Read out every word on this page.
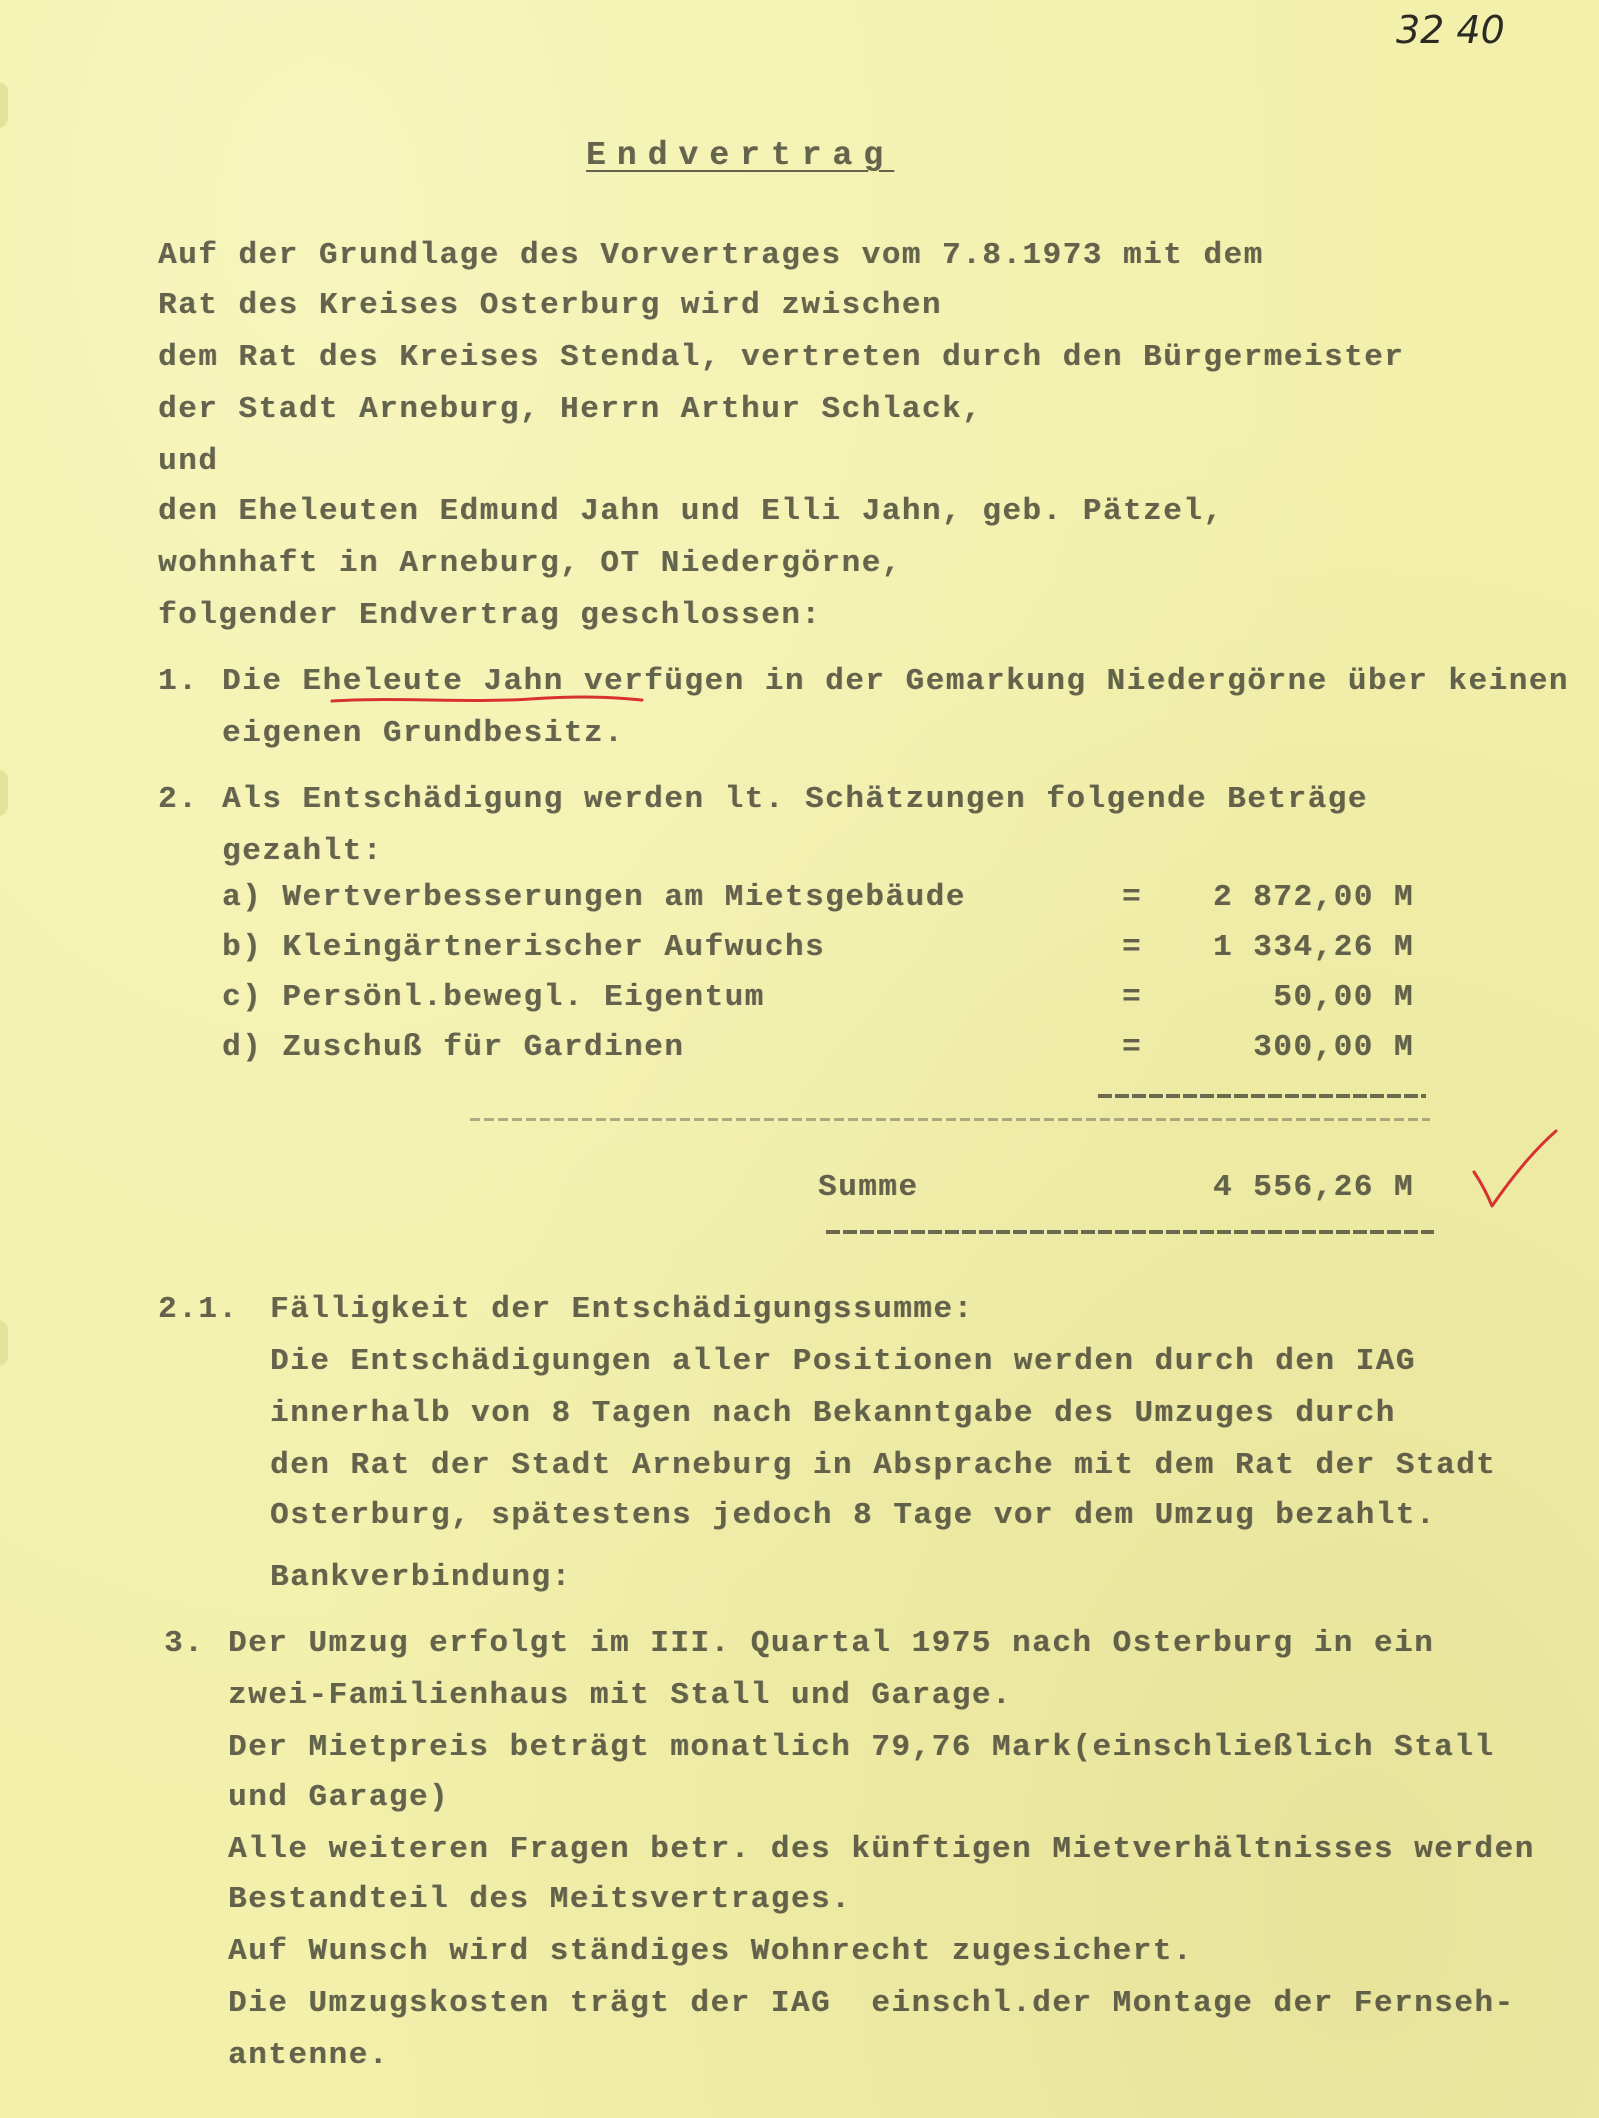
32 40
Endvertrag
Auf der Grundlage des Vorvertrages vom 7.8.1973 mit dem
Rat des Kreises Osterburg wird zwischen
dem Rat des Kreises Stendal, vertreten durch den Bürgermeister
der Stadt Arneburg, Herrn Arthur Schlack,
und
den Eheleuten Edmund Jahn und Elli Jahn, geb. Pätzel,
wohnhaft in Arneburg, OT Niedergörne,
folgender Endvertrag geschlossen:
1. Die Eheleute Jahn verfügen in der Gemarkung Niedergörne über keinen
eigenen Grundbesitz.
2. Als Entschädigung werden lt. Schätzungen folgende Beträge
gezahlt:
a) Wertverbesserungen am Mietsgebäude	=	2 872,00 M
b) Kleingärtnerischer Aufwuchs	=	1 334,26 M
c) Persönl.bewegl. Eigentum	=	50,00 M
d) Zuschuß für Gardinen	=	300,00 M
Summe	4 556,26 M
2.1. Fälligkeit der Entschädigungssumme:
Die Entschädigungen aller Positionen werden durch den IAG
innerhalb von 8 Tagen nach Bekanntgabe des Umzuges durch
den Rat der Stadt Arneburg in Absprache mit dem Rat der Stadt
Osterburg, spätestens jedoch 8 Tage vor dem Umzug bezahlt.
Bankverbindung:
3. Der Umzug erfolgt im III. Quartal 1975 nach Osterburg in ein
zwei-Familienhaus mit Stall und Garage.
Der Mietpreis beträgt monatlich 79,76 Mark(einschließlich Stall
und Garage)
Alle weiteren Fragen betr. des künftigen Mietverhältnisses werden
Bestandteil des Meitsvertrages.
Auf Wunsch wird ständiges Wohnrecht zugesichert.
Die Umzugskosten trägt der IAG  einschl.der Montage der Fernseh-
antenne.
